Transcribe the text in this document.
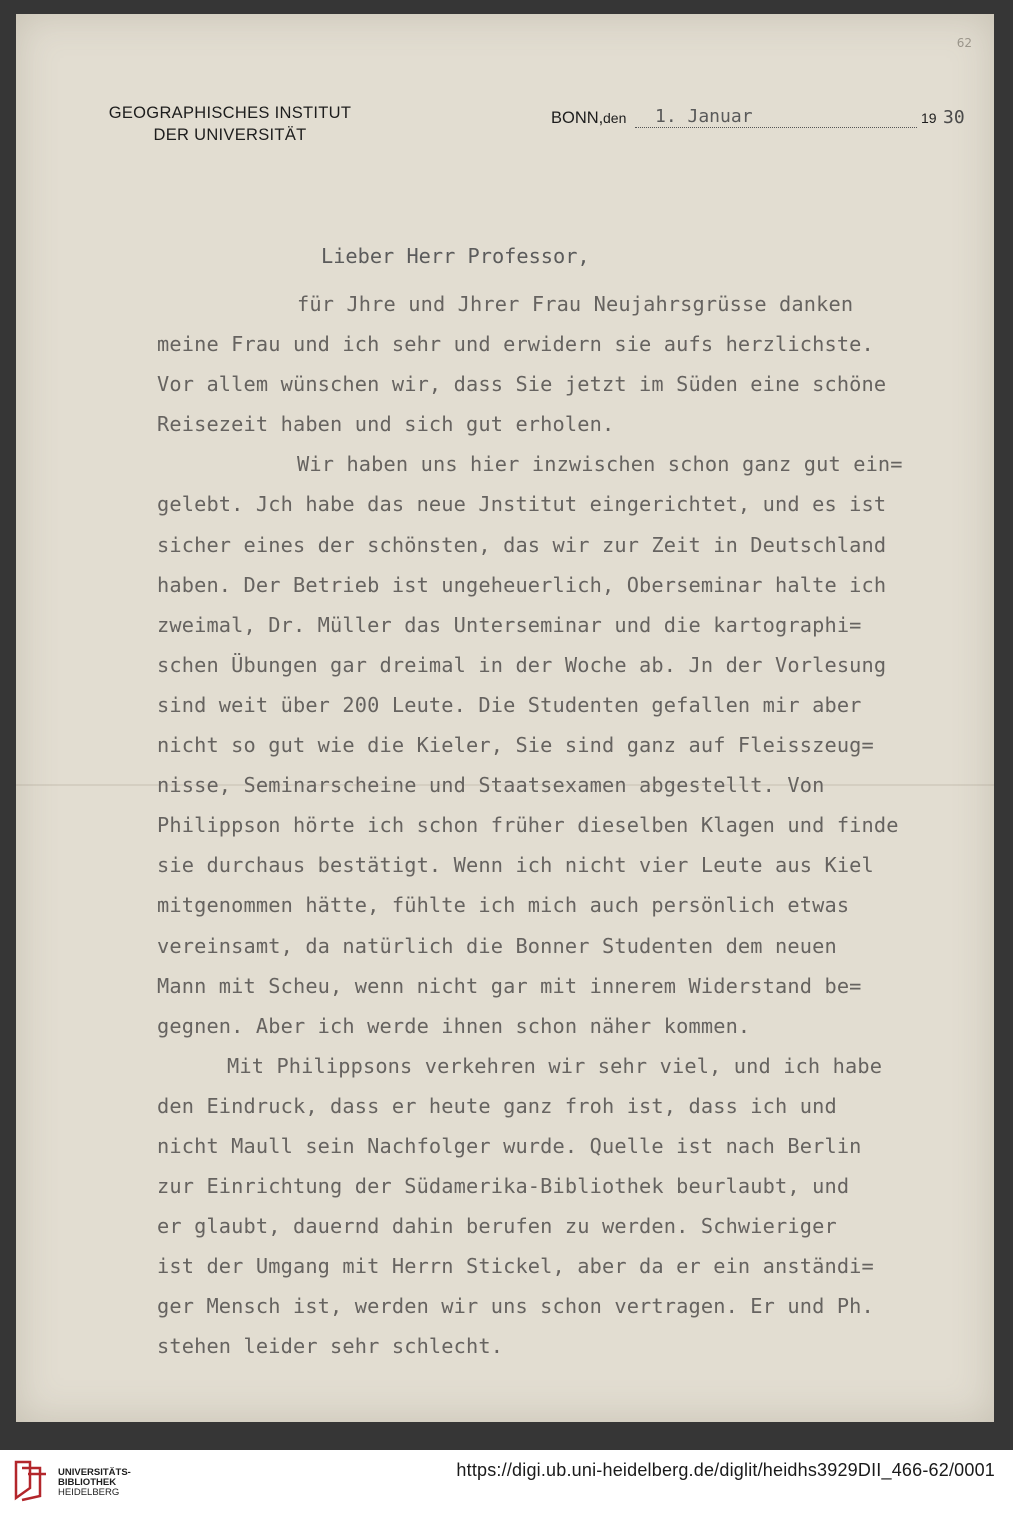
62
GEOGRAPHISCHES INSTITUT
DER UNIVERSITÄT
BONN, den 1. Januar	19 30
Lieber Herr Professor,
für Jhre und Jhrer Frau Neujahrsgrüsse danken
meine Frau und ich sehr und erwidern sie aufs herzlichste.
Vor allem wünschen wir, dass Sie jetzt im Süden eine schöne
Reisezeit haben und sich gut erholen.
Wir haben uns hier inzwischen schon ganz gut ein=
gelebt. Jch habe das neue Jnstitut eingerichtet, und es ist
sicher eines der schönsten, das wir zur Zeit in Deutschland
haben. Der Betrieb ist ungeheuerlich, Oberseminar halte ich
zweimal, Dr. Müller das Unterseminar und die kartographi=
schen Übungen gar dreimal in der Woche ab. Jn der Vorlesung
sind weit über 200 Leute. Die Studenten gefallen mir aber
nicht so gut wie die Kieler, Sie sind ganz auf Fleisszeug=
nisse, Seminarscheine und Staatsexamen abgestellt. Von
Philippson hörte ich schon früher dieselben Klagen und finde
sie durchaus bestätigt. Wenn ich nicht vier Leute aus Kiel
mitgenommen hätte, fühlte ich mich auch persönlich etwas
vereinsamt, da natürlich die Bonner Studenten dem neuen
Mann mit Scheu, wenn nicht gar mit innerem Widerstand be=
gegnen. Aber ich werde ihnen schon näher kommen.
Mit Philippsons verkehren wir sehr viel, und ich habe
den Eindruck, dass er heute ganz froh ist, dass ich und
nicht Maull sein Nachfolger wurde. Quelle ist nach Berlin
zur Einrichtung der Südamerika-Bibliothek beurlaubt, und
er glaubt, dauernd dahin berufen zu werden. Schwieriger
ist der Umgang mit Herrn Stickel, aber da er ein anständi=
ger Mensch ist, werden wir uns schon vertragen. Er und Ph.
stehen leider sehr schlecht.
UNIVERSITÄTS-
BIBLIOTHEK
HEIDELBERG
https://digi.ub.uni-heidelberg.de/diglit/heidhs3929DII_466-62/0001
